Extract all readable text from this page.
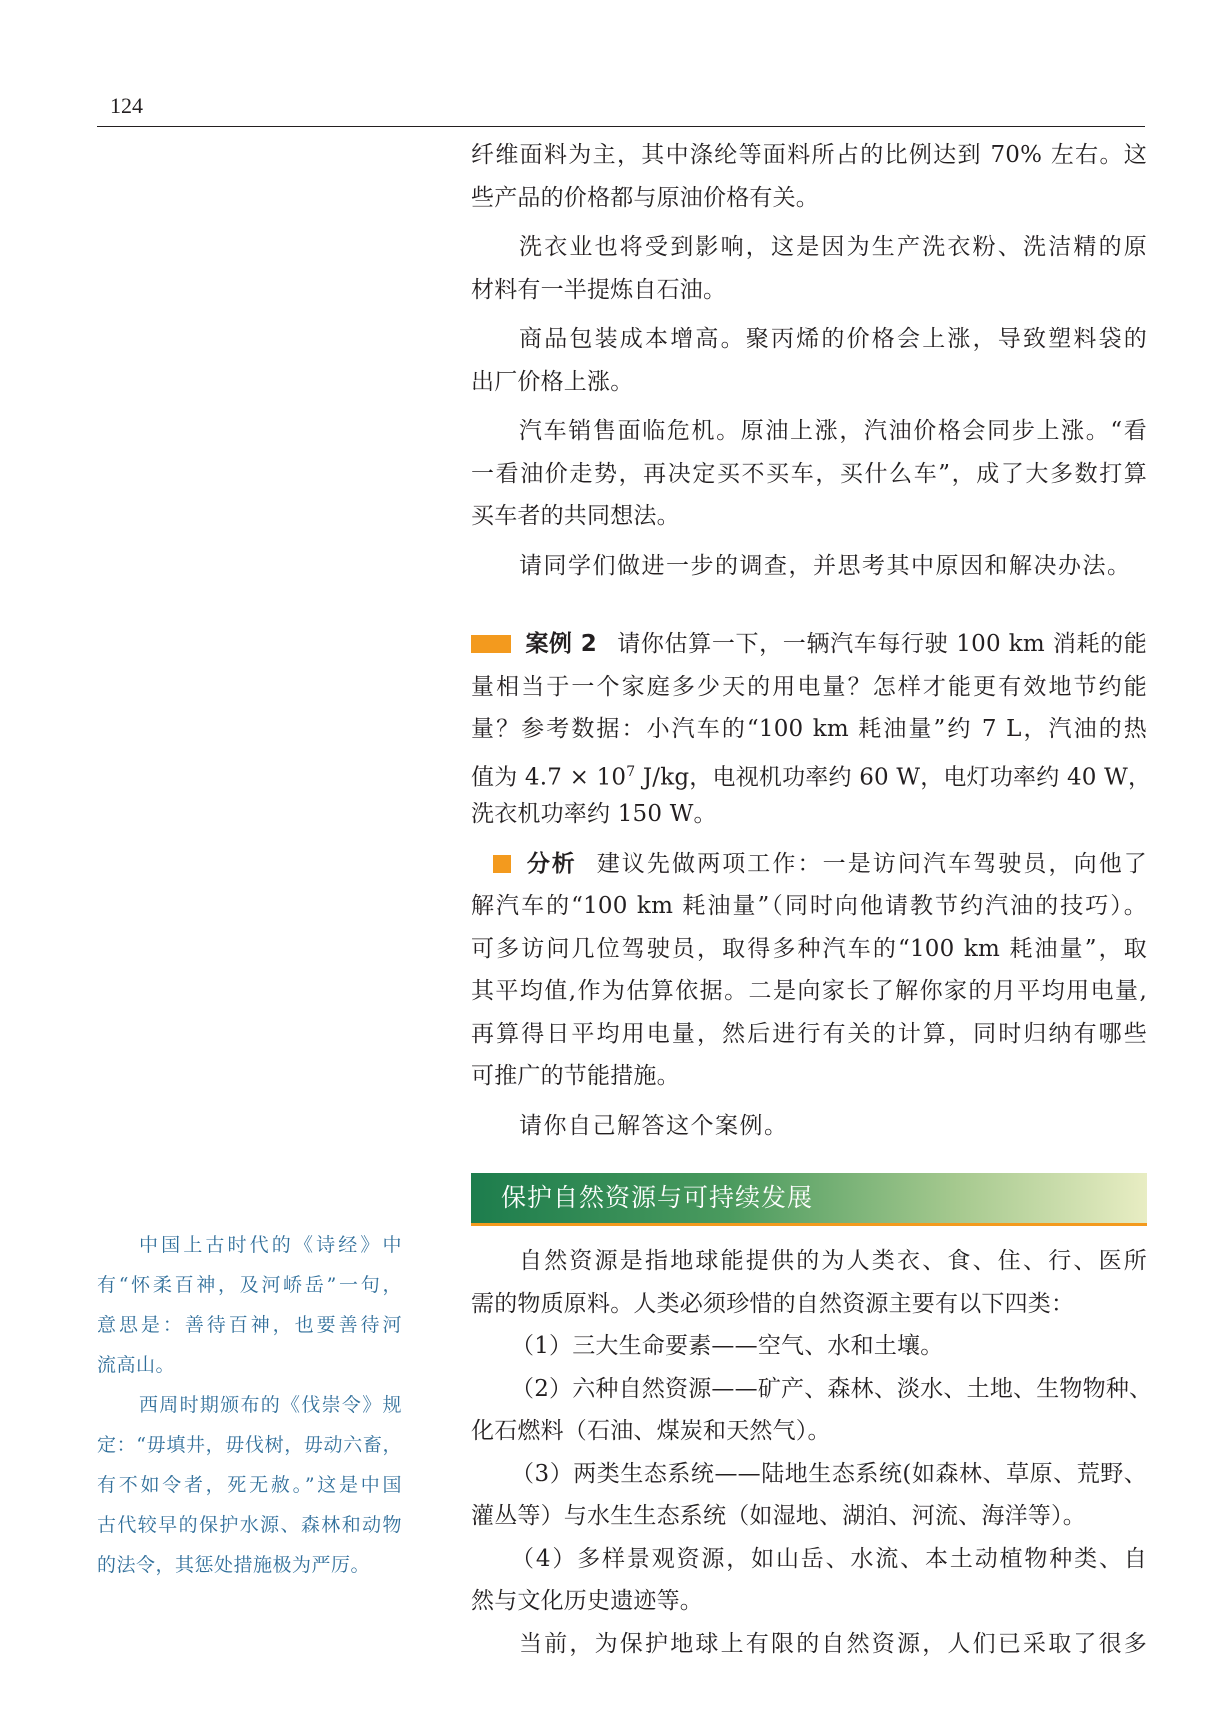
124
纤维面料为主，其中涤纶等面料所占的比例达到 70% 左右。这
些产品的价格都与原油价格有关。
洗衣业也将受到影响，这是因为生产洗衣粉、洗洁精的原
材料有一半提炼自石油。
商品包装成本增高。聚丙烯的价格会上涨，导致塑料袋的
出厂价格上涨。
汽车销售面临危机。原油上涨，汽油价格会同步上涨。“看
一看油价走势，再决定买不买车，买什么车”，成了大多数打算
买车者的共同想法。
请同学们做进一步的调查，并思考其中原因和解决办法。
案例 2 请你估算一下，一辆汽车每行驶 100 km 消耗的能
量相当于一个家庭多少天的用电量？怎样才能更有效地节约能
量？参考数据：小汽车的“100 km 耗油量”约 7 L，汽油的热
值为 $4.7 \times 10^7$ J/kg，电视机功率约 60 W，电灯功率约 40 W，
洗衣机功率约 150 W。
分析 建议先做两项工作：一是访问汽车驾驶员，向他了
解汽车的“100 km 耗油量”（同时向他请教节约汽油的技巧）。
可多访问几位驾驶员，取得多种汽车的“100 km 耗油量”，取
其平均值,作为估算依据。二是向家长了解你家的月平均用电量,
再算得日平均用电量，然后进行有关的计算，同时归纳有哪些
可推广的节能措施。
请你自己解答这个案例。
保护自然资源与可持续发展
自然资源是指地球能提供的为人类衣、食、住、行、医所
需的物质原料。人类必须珍惜的自然资源主要有以下四类：
（1）三大生命要素——空气、水和土壤。
（2）六种自然资源——矿产、森林、淡水、土地、生物物种、
化石燃料（石油、煤炭和天然气）。
（3）两类生态系统——陆地生态系统(如森林、草原、荒野、
灌丛等）与水生生态系统（如湿地、湖泊、河流、海洋等）。
（4）多样景观资源，如山岳、水流、本土动植物种类、自
然与文化历史遗迹等。
当前，为保护地球上有限的自然资源，人们已采取了很多
中国上古时代的《诗经》中
有“怀柔百神，及河峤岳”一句，
意思是：善待百神，也要善待河
流高山。
西周时期颁布的《伐崇令》规
定：“毋填井，毋伐树，毋动六畜，
有不如令者，死无赦。”这是中国
古代较早的保护水源、森林和动物
的法令，其惩处措施极为严厉。
